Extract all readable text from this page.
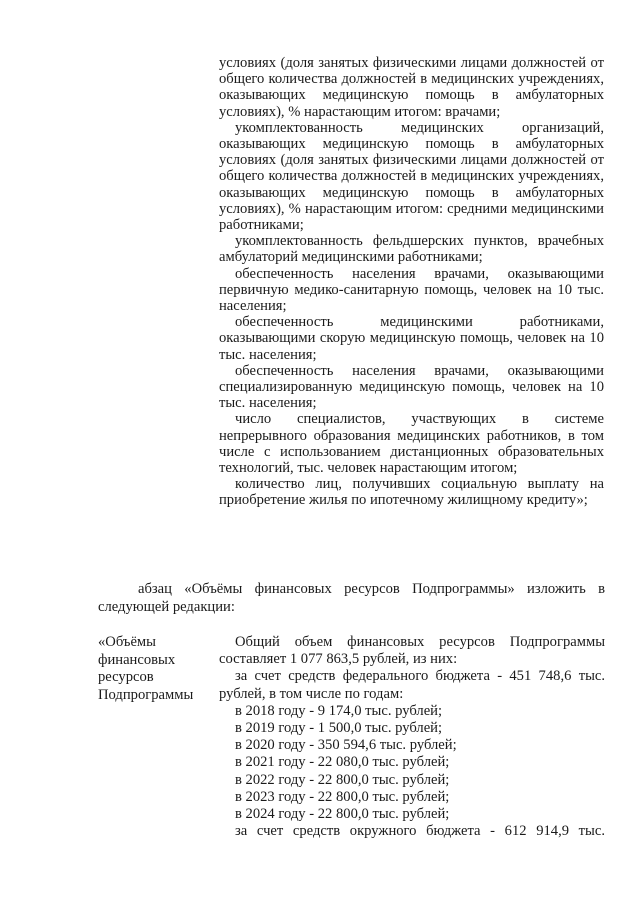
условиях (доля занятых физическими лицами должностей от общего количества должностей в медицинских учреждениях, оказывающих медицинскую помощь в амбулаторных условиях), % нарастающим итогом: врачами;

укомплектованность медицинских организаций, оказывающих медицинскую помощь в амбулаторных условиях (доля занятых физическими лицами должностей от общего количества должностей в медицинских учреждениях, оказывающих медицинскую помощь в амбулаторных условиях), % нарастающим итогом: средними медицинскими работниками;

укомплектованность фельдшерских пунктов, врачебных амбулаторий медицинскими работниками;

обеспеченность населения врачами, оказывающими первичную медико-санитарную помощь, человек на 10 тыс. населения;

обеспеченность медицинскими работниками, оказывающими скорую медицинскую помощь, человек на 10 тыс. населения;

обеспеченность населения врачами, оказывающими специализированную медицинскую помощь, человек на 10 тыс. населения;

число специалистов, участвующих в системе непрерывного образования медицинских работников, в том числе с использованием дистанционных образовательных технологий, тыс. человек нарастающим итогом;

количество лиц, получивших социальную выплату на приобретение жилья по ипотечному жилищному кредиту»;

абзац «Объёмы финансовых ресурсов Подпрограммы» изложить в следующей редакции:

«Объёмы
финансовых
ресурсов
Подпрограммы

Общий объем финансовых ресурсов Подпрограммы составляет 1 077 863,5 рублей, из них:

за счет средств федерального бюджета - 451 748,6 тыс. рублей, в том числе по годам:

в 2018 году - 9 174,0 тыс. рублей;
в 2019 году - 1 500,0 тыс. рублей;
в 2020 году - 350 594,6 тыс. рублей;
в 2021 году - 22 080,0 тыс. рублей;
в 2022 году - 22 800,0 тыс. рублей;
в 2023 году - 22 800,0 тыс. рублей;
в 2024 году - 22 800,0 тыс. рублей;

за счет средств окружного бюджета - 612 914,9 тыс.
